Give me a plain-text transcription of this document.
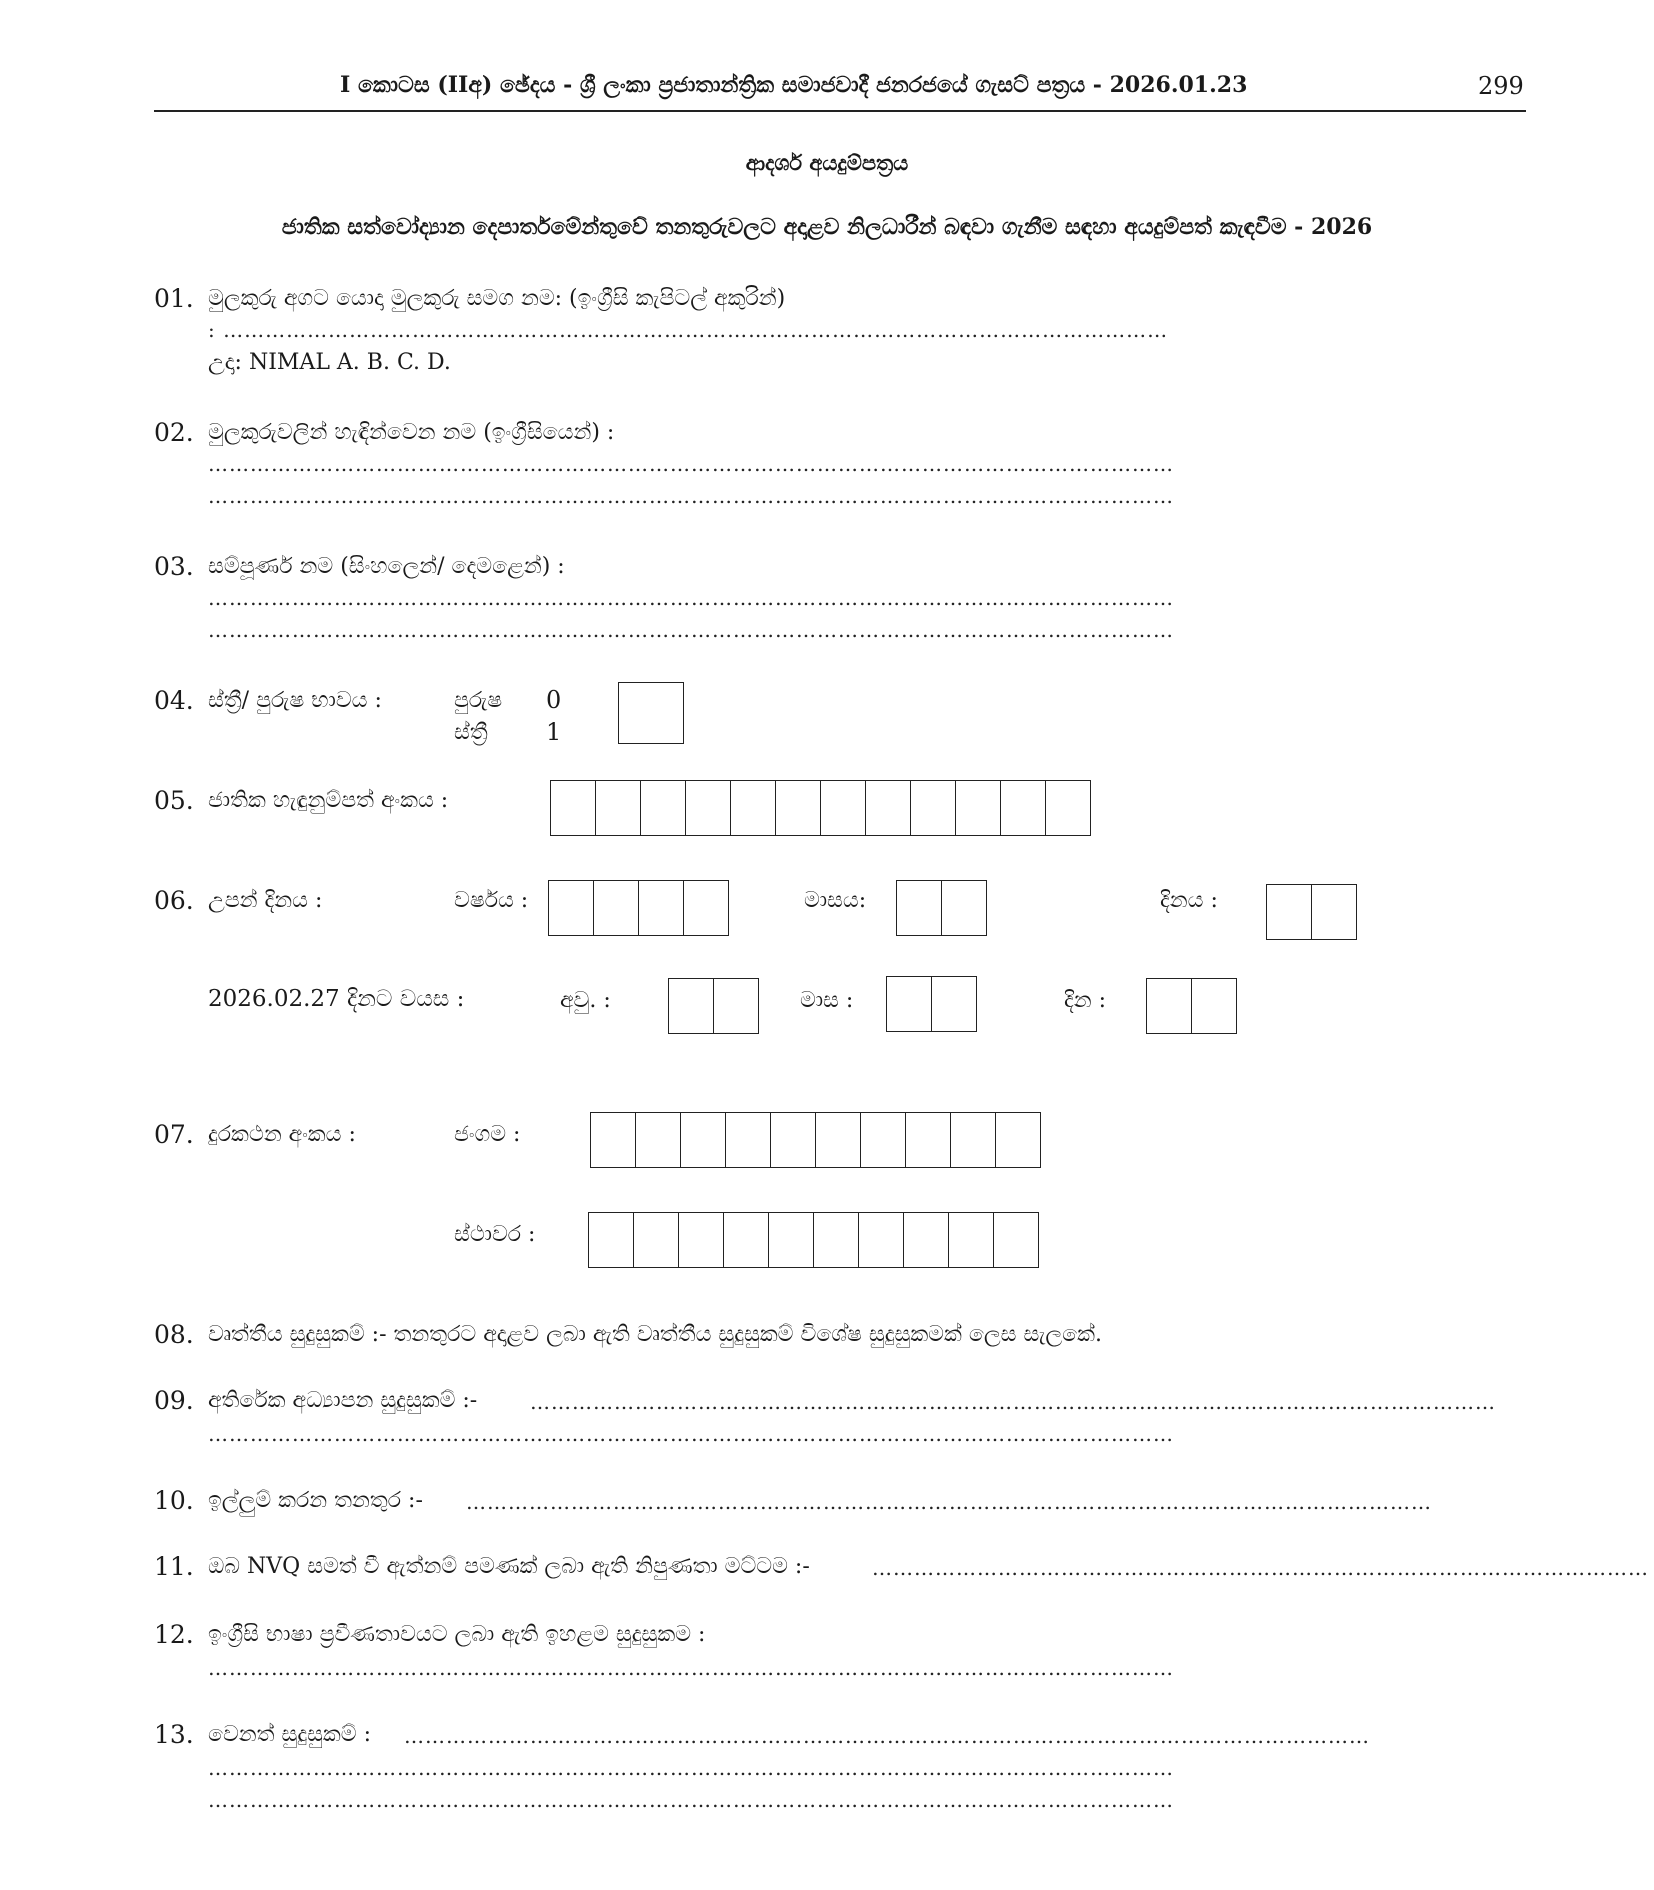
I කොටස (IIඅ) ඡේදය - ශ්‍රී ලංකා ප්‍රජාතාන්ත්‍රික සමාජවාදී ජනරජයේ ගැසට් පත්‍රය - 2026.01.23	299
ආදර්ශ අයදුම්පත්‍රය
ජාතික සත්වෝද්‍යාන දෙපාර්තමේන්තුවේ තනතුරුවලට අදාළව නිලධාරීන් බඳවා ගැනීම සඳහා අයදුම්පත් කැඳවීම - 2026
01. මුලකුරු අගට යොදා මුලකුරු සමග නම: (ඉංග්‍රීසි කැපිටල් අකුරින්)
: ………………………………………………………………………………………………………………………
උදා: NIMAL A. B. C. D.
02. මුලකුරුවලින් හැඳින්වෙන නම (ඉංග්‍රීසියෙන්) :
…………………………………………………………………………………………………………………………
…………………………………………………………………………………………………………………………
03. සම්පූර්ණ නම (සිංහලෙන්/ දෙමළෙන්) :
…………………………………………………………………………………………………………………………
…………………………………………………………………………………………………………………………
04. ස්ත්‍රී/ පුරුෂ භාවය :	පුරුෂ 0
ස්ත්‍රී 1
05. ජාතික හැඳුනුම්පත් අංකය :
06. උපන් දිනය :	වර්ෂය :	මාසය:	දිනය :
2026.02.27 දිනට වයස :	අවු. :	මාස :	දින :
07. දුරකථන අංකය :	ජංගම :
ස්ථාවර :
08. වෘත්තීය සුදුසුකම් :- තනතුරට අදාළව ලබා ඇති වෘත්තීය සුදුසුකම් විශේෂ සුදුසුකමක් ලෙස සැලකේ.
09. අතිරේක අධ්‍යාපන සුදුසුකම් :-	…………………………………………………………………………………………………………………………
…………………………………………………………………………………………………………………………
10. ඉල්ලුම් කරන තනතුර :- …………………………………………………………………………………………………………………………
11. ඔබ NVQ සමත් වී ඇත්නම් පමණක් ලබා ඇති නිපුණතා මට්ටම :-	…………………………………………………………………………………………………
12. ඉංග්‍රීසි භාෂා ප්‍රවීණතාවයට ලබා ඇති ඉහළම සුදුසුකම :
…………………………………………………………………………………………………………………………
13. වෙනත් සුදුසුකම් : …………………………………………………………………………………………………………………………
…………………………………………………………………………………………………………………………
…………………………………………………………………………………………………………………………
